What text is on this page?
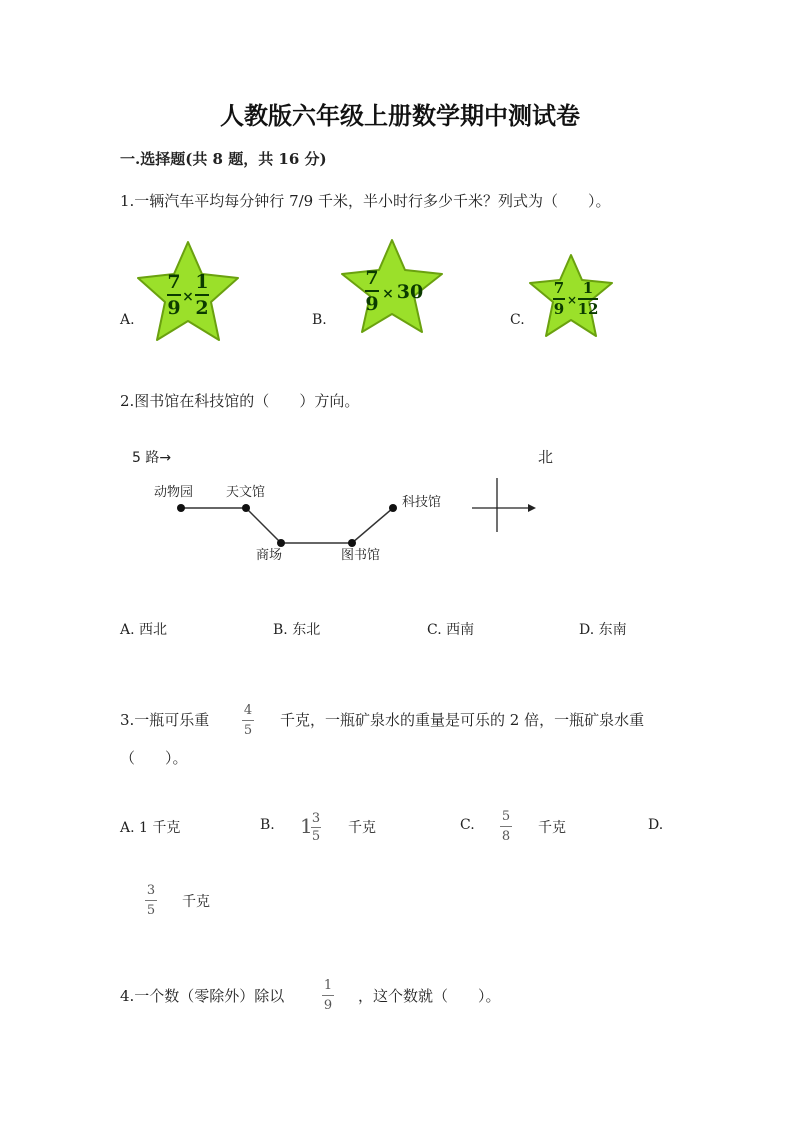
人教版六年级上册数学期中测试卷
一.选择题(共 8 题，共 16 分)
1.一辆汽车平均每分钟行 7/9 千米，半小时行多少千米？列式为（　　）。
A.
7
9 ×
1
2
B.
7
9 × 30
C.
7
9 ×
1
12
2.图书馆在科技馆的（　　）方向。
5 路→	北
动物园	天文馆
商场	图书馆
科技馆
A. 西北	B. 东北	C. 西南	D. 东南
3.一瓶可乐重
4
5
千克，一瓶矿泉水的重量是可乐的 2 倍，一瓶矿泉水重
（　　）。
A. 1 千克	B. 1 3
5
千克	C.
5
8
千克	D.
3
5
千克
4.一个数（零除外）除以
1
9
，这个数就（　　）。
